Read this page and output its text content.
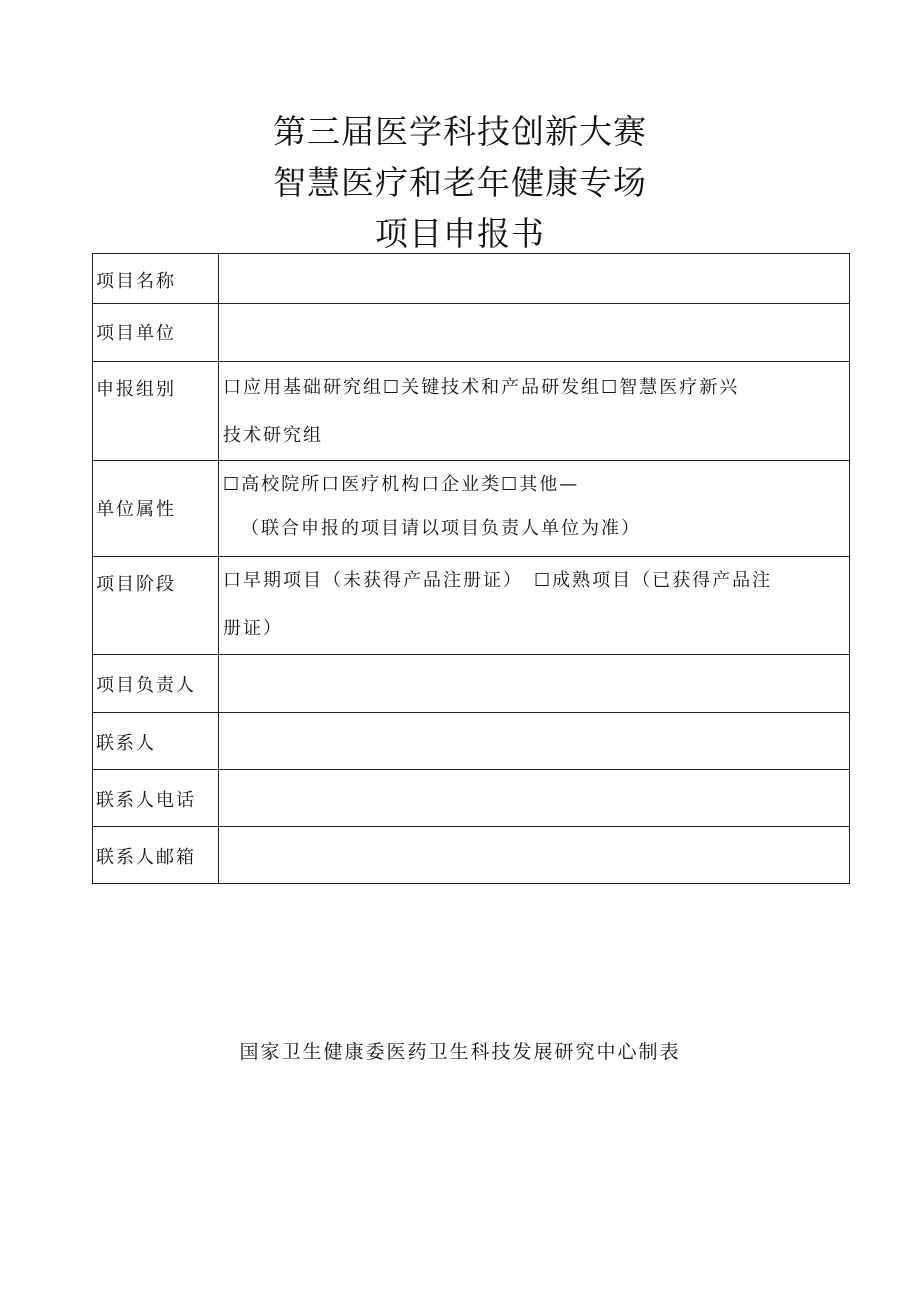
第三届医学科技创新大赛
智慧医疗和老年健康专场
项目申报书
项目名称	
项目单位	
申报组别	口应用基础研究组☐关键技术和产品研发组☐智慧医疗新兴
技术研究组

单位属性	☐高校院所口医疗机构口企业类☐其他—
（联合申报的项目请以项目负责人单位为准）

项目阶段	口早期项目（未获得产品注册证）　☐成熟项目（已获得产品注
册证）

项目负责人	
联系人	
联系人电话	
联系人邮箱	
国家卫生健康委医药卫生科技发展研究中心制表
